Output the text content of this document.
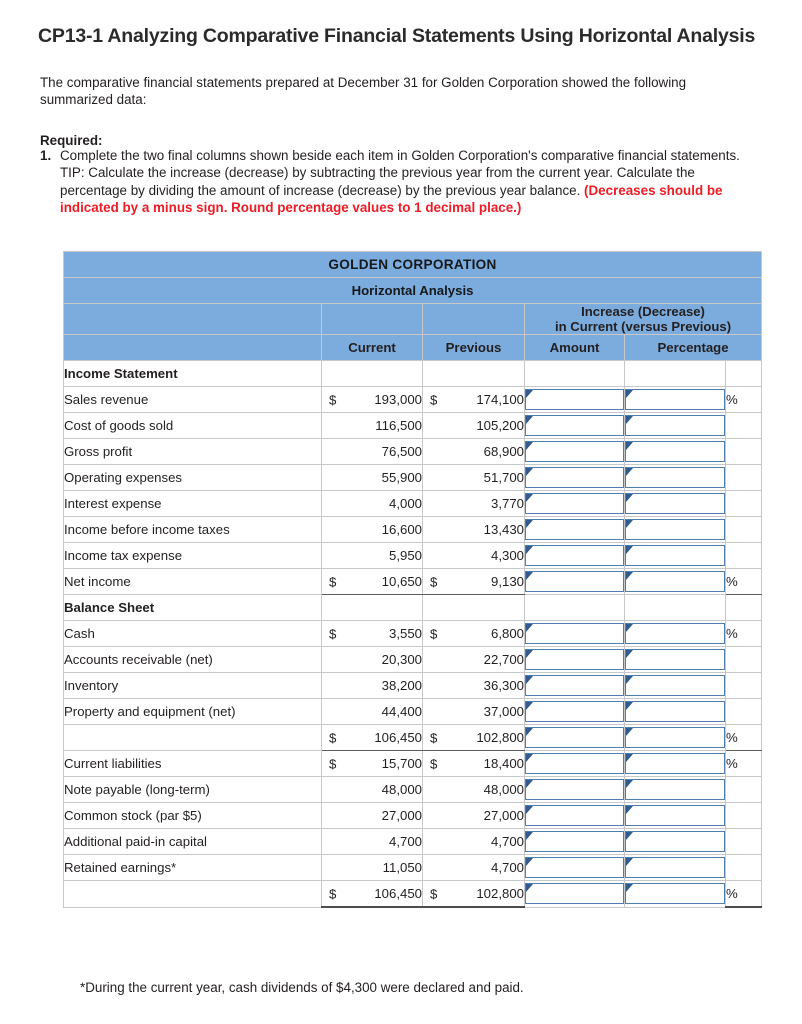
CP13-1 Analyzing Comparative Financial Statements Using Horizontal Analysis
The comparative financial statements prepared at December 31 for Golden Corporation showed the following summarized data:
Required:
1. Complete the two final columns shown beside each item in Golden Corporation's comparative financial statements. TIP: Calculate the increase (decrease) by subtracting the previous year from the current year. Calculate the percentage by dividing the amount of increase (decrease) by the previous year balance. (Decreases should be indicated by a minus sign. Round percentage values to 1 decimal place.)
GOLDEN CORPORATION					
Horizontal Analysis					

			Increase (Decrease)
in Current (versus Previous)		

	Current	Previous	Amount	Percentage	
Income Statement					
Sales revenue	$ 193,000	$ 174,100			%
Cost of goods sold	116,500	105,200	

Gross profit	76,500	68,900	

Operating expenses	55,900	51,700	

Interest expense	4,000	3,770	

Income before income taxes	16,600	13,430	

Income tax expense	5,950	4,300	

Net income	$ 10,650	$ 9,130			%
Balance Sheet					
Cash	$ 3,550	$ 6,800			%
Accounts receivable (net)	20,300	22,700	

Inventory	38,200	36,300	

Property and equipment (net)	44,400	37,000	

	$ 106,450	$ 102,800			%
Current liabilities	$ 15,700	$ 18,400			%
Note payable (long-term)	48,000	48,000	

Common stock (par $5)	27,000	27,000	

Additional paid-in capital	4,700	4,700	

Retained earnings*	11,050	4,700	

	$ 106,450	$ 102,800			%
*During the current year, cash dividends of $4,300 were declared and paid.
